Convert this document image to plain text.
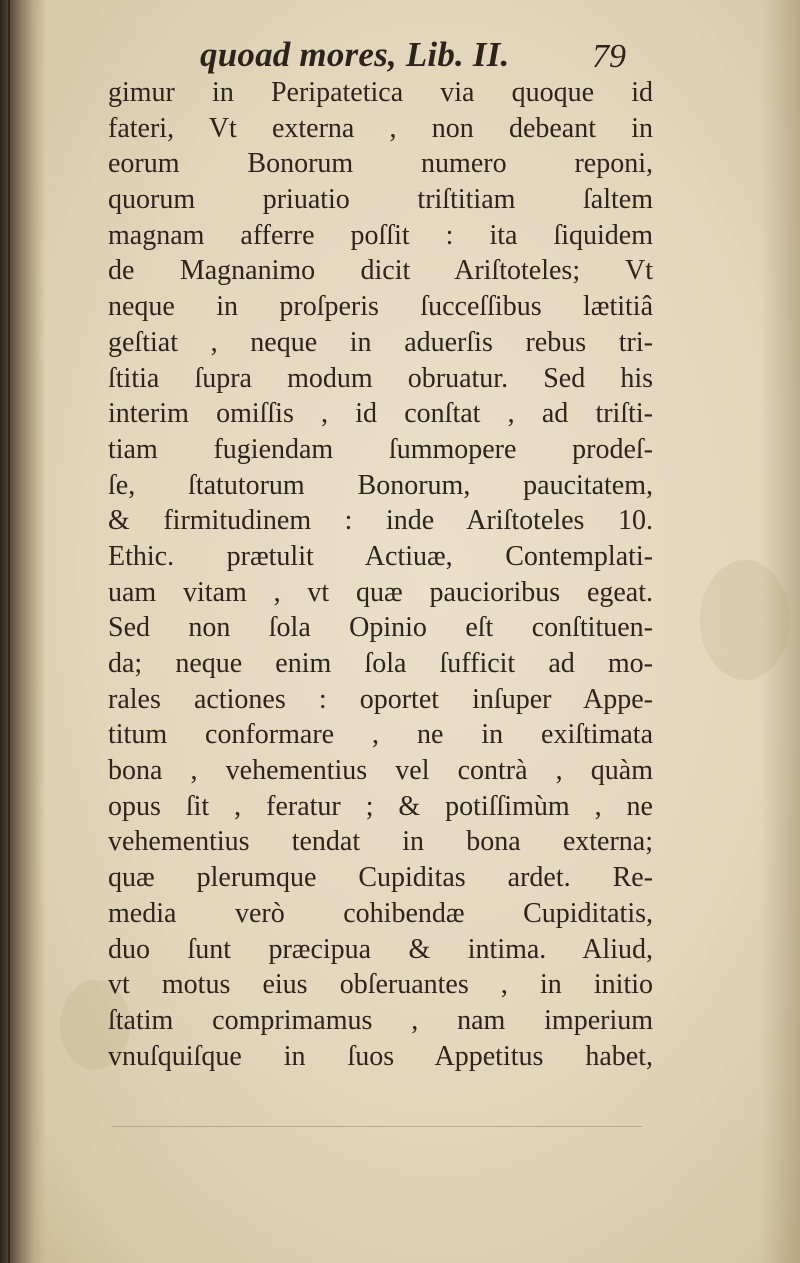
quoad mores, Lib. II.	79
gimur in Peripatetica via quoque id
fateri, Vt externa , non debeant in
eorum Bonorum numero reponi,
quorum priuatio triſtitiam ſaltem
magnam afferre poſſit : ita ſiquidem
de Magnanimo dicit Ariſtoteles; Vt
neque in proſperis ſucceſſibus lætitiâ
geſtiat , neque in aduerſis rebus tri-
ſtitia ſupra modum obruatur. Sed his
interim omiſſis , id conſtat , ad triſti-
tiam fugiendam ſummopere prodeſ-
ſe, ſtatutorum Bonorum, paucitatem,
& firmitudinem : inde Ariſtoteles 10.
Ethic. prætulit Actiuæ, Contemplati-
uam vitam , vt quæ paucioribus egeat.
Sed non ſola Opinio eſt conſtituen-
da; neque enim ſola ſufficit ad mo-
rales actiones : oportet inſuper Appe-
titum conformare , ne in exiſtimata
bona , vehementius vel contrà , quàm
opus ſit , feratur ; & potiſſimùm , ne
vehementius tendat in bona externa;
quæ plerumque Cupiditas ardet. Re-
media verò cohibendæ Cupiditatis,
duo ſunt præcipua & intima. Aliud,
vt motus eius obſeruantes , in initio
ſtatim comprimamus , nam imperium
vnuſquiſque in ſuos Appetitus habet,
